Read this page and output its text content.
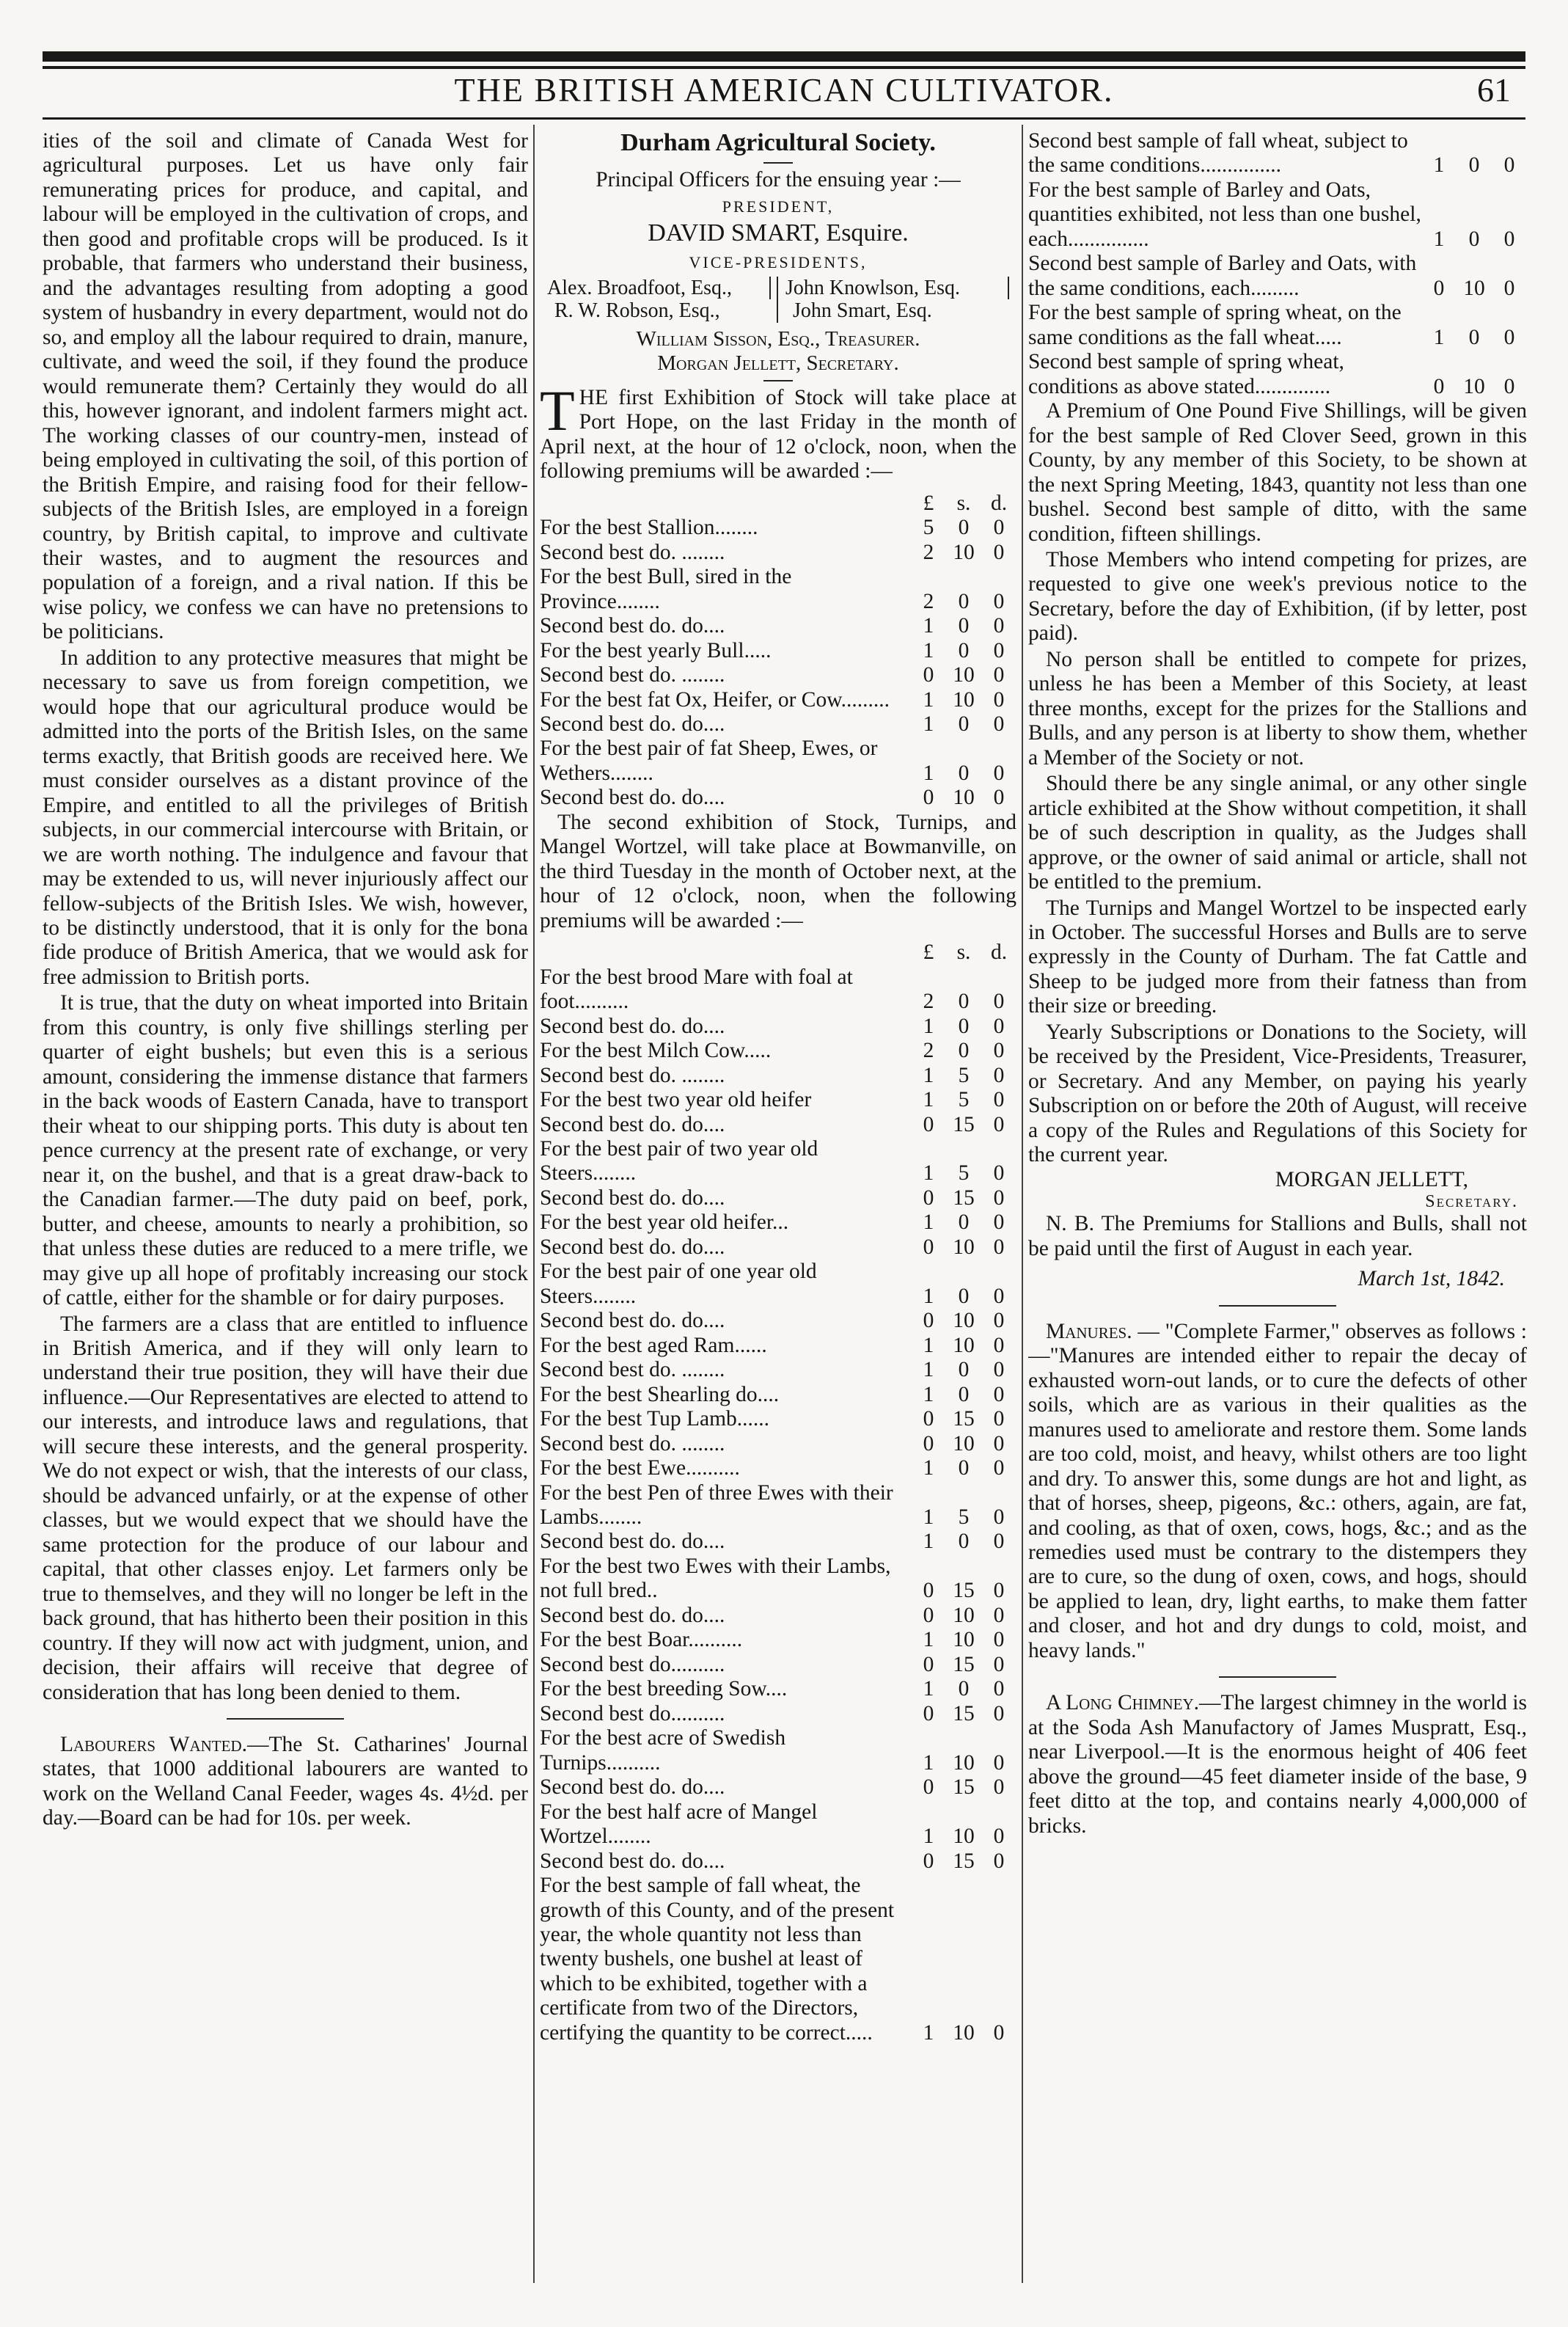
THE BRITISH AMERICAN CULTIVATOR.	61

ities of the soil and climate of Canada West for agricultural purposes. Let us have only fair remunerating prices for produce, and capital, and labour will be employed in the cultivation of crops, and then good and profitable crops will be produced. Is it probable, that farmers who understand their business, and the advantages resulting from adopting a good system of husbandry in every department, would not do so, and employ all the labour required to drain, manure, cultivate, and weed the soil, if they found the produce would remunerate them? Certainly they would do all this, however ignorant, and indolent farmers might act. The working classes of our country-men, instead of being employed in cultivating the soil, of this portion of the British Empire, and raising food for their fellow-subjects of the British Isles, are employed in a foreign country, by British capital, to improve and cultivate their wastes, and to augment the resources and population of a foreign, and a rival nation. If this be wise policy, we confess we can have no pretensions to be politicians.

In addition to any protective measures that might be necessary to save us from foreign competition, we would hope that our agricultural produce would be admitted into the ports of the British Isles, on the same terms exactly, that British goods are received here. We must consider ourselves as a distant province of the Empire, and entitled to all the privileges of British subjects, in our commercial intercourse with Britain, or we are worth nothing. The indulgence and favour that may be extended to us, will never injuriously affect our fellow-subjects of the British Isles. We wish, however, to be distinctly understood, that it is only for the bona fide produce of British America, that we would ask for free admission to British ports.

It is true, that the duty on wheat imported into Britain from this country, is only five shillings sterling per quarter of eight bushels; but even this is a serious amount, considering the immense distance that farmers in the back woods of Eastern Canada, have to transport their wheat to our shipping ports. This duty is about ten pence currency at the present rate of exchange, or very near it, on the bushel, and that is a great draw-back to the Canadian farmer.—The duty paid on beef, pork, butter, and cheese, amounts to nearly a prohibition, so that unless these duties are reduced to a mere trifle, we may give up all hope of profitably increasing our stock of cattle, either for the shamble or for dairy purposes.

The farmers are a class that are entitled to influence in British America, and if they will only learn to understand their true position, they will have their due influence.—Our Representatives are elected to attend to our interests, and introduce laws and regulations, that will secure these interests, and the general prosperity. We do not expect or wish, that the interests of our class, should be advanced unfairly, or at the expense of other classes, but we would expect that we should have the same protection for the produce of our labour and capital, that other classes enjoy. Let farmers only be true to themselves, and they will no longer be left in the back ground, that has hitherto been their position in this country. If they will now act with judgment, union, and decision, their affairs will receive that degree of consideration that has long been denied to them.

Labourers Wanted.—The St. Catharines' Journal states, that 1000 additional labourers are wanted to work on the Welland Canal Feeder, wages 4s. 4½d. per day.—Board can be had for 10s. per week.

Durham Agricultural Society.

Principal Officers for the ensuing year :—

PRESIDENT,
DAVID SMART, Esquire.
VICE-PRESIDENTS,
Alex. Broadfoot, Esq.,
R. W. Robson, Esq.,
John Knowlson, Esq.
John Smart, Esq.
William Sisson, Esq., Treasurer.
Morgan Jellett, Secretary.

THE first Exhibition of Stock will take place at Port Hope, on the last Friday in the month of April next, at the hour of 12 o'clock, noon, when the following premiums will be awarded :—

£	s. d.
For the best Stallion........	5	0	0
Second best do. ........	2 10 0
For the best Bull, sired in the Province........	2	0	0
Second best do. do....	1	0	0
For the best yearly Bull.....	1	0	0
Second best do. ........	0 10 0
For the best fat Ox, Heifer, or Cow.........	1 10 0
Second best do. do....	1	0	0
For the best pair of fat Sheep, Ewes, or Wethers........	1	0	0
Second best do. do....	0 10 0

The second exhibition of Stock, Turnips, and Mangel Wortzel, will take place at Bowmanville, on the third Tuesday in the month of October next, at the hour of 12 o'clock, noon, when the following premiums will be awarded :—

£	s. d.
For the best brood Mare with foal at foot..........	2	0	0
Second best do. do....	1	0	0
For the best Milch Cow.....	2	0	0
Second best do. ........	1	5	0
For the best two year old heifer	1	5	0
Second best do. do....	0 15 0
For the best pair of two year old Steers........	1	5	0
Second best do. do....	0 15 0
For the best year old heifer...	1	0	0
Second best do. do....	0 10 0
For the best pair of one year old Steers........	1	0	0
Second best do. do....	0 10 0
For the best aged Ram......	1 10 0
Second best do. ........	1	0	0
For the best Shearling do....	1	0	0
For the best Tup Lamb......	0 15 0
Second best do. ........	0 10 0
For the best Ewe..........	1	0	0
For the best Pen of three Ewes with their Lambs........	1	5	0
Second best do. do....	1	0	0
For the best two Ewes with their Lambs, not full bred..	0 15 0
Second best do. do....	0 10 0
For the best Boar..........	1 10 0
Second best do..........	0 15 0
For the best breeding Sow....	1	0	0
Second best do..........	0 15 0
For the best acre of Swedish Turnips..........	1 10 0
Second best do. do....	0 15 0
For the best half acre of Mangel Wortzel........	1 10 0
Second best do. do....	0 15 0
For the best sample of fall wheat, the growth of this County, and of the present year, the whole quantity not less than twenty bushels, one bushel at least of which to be exhibited, together with a certificate from two of the Directors, certifying the quantity to be correct.....	1 10 0
Second best sample of fall wheat, subject to the same conditions...............	1	0	0
For the best sample of Barley and Oats, quantities exhibited, not less than one bushel, each...............	1	0	0
Second best sample of Barley and Oats, with the same conditions, each.........	0 10 0
For the best sample of spring wheat, on the same conditions as the fall wheat.....	1	0	0
Second best sample of spring wheat, conditions as above stated..............	0 10 0

A Premium of One Pound Five Shillings, will be given for the best sample of Red Clover Seed, grown in this County, by any member of this Society, to be shown at the next Spring Meeting, 1843, quantity not less than one bushel. Second best sample of ditto, with the same condition, fifteen shillings.

Those Members who intend competing for prizes, are requested to give one week's previous notice to the Secretary, before the day of Exhibition, (if by letter, post paid).

No person shall be entitled to compete for prizes, unless he has been a Member of this Society, at least three months, except for the prizes for the Stallions and Bulls, and any person is at liberty to show them, whether a Member of the Society or not.

Should there be any single animal, or any other single article exhibited at the Show without competition, it shall be of such description in quality, as the Judges shall approve, or the owner of said animal or article, shall not be entitled to the premium.

The Turnips and Mangel Wortzel to be inspected early in October. The successful Horses and Bulls are to serve expressly in the County of Durham. The fat Cattle and Sheep to be judged more from their fatness than from their size or breeding.

Yearly Subscriptions or Donations to the Society, will be received by the President, Vice-Presidents, Treasurer, or Secretary. And any Member, on paying his yearly Subscription on or before the 20th of August, will receive a copy of the Rules and Regulations of this Society for the current year.

MORGAN JELLETT,
Secretary.

N. B. The Premiums for Stallions and Bulls, shall not be paid until the first of August in each year.

March 1st, 1842.

Manures. — "Complete Farmer," observes as follows :—"Manures are intended either to repair the decay of exhausted worn-out lands, or to cure the defects of other soils, which are as various in their qualities as the manures used to ameliorate and restore them. Some lands are too cold, moist, and heavy, whilst others are too light and dry. To answer this, some dungs are hot and light, as that of horses, sheep, pigeons, &c.: others, again, are fat, and cooling, as that of oxen, cows, hogs, &c.; and as the remedies used must be contrary to the distempers they are to cure, so the dung of oxen, cows, and hogs, should be applied to lean, dry, light earths, to make them fatter and closer, and hot and dry dungs to cold, moist, and heavy lands."

A Long Chimney.—The largest chimney in the world is at the Soda Ash Manufactory of James Muspratt, Esq., near Liverpool.—It is the enormous height of 406 feet above the ground—45 feet diameter inside of the base, 9 feet ditto at the top, and contains nearly 4,000,000 of bricks.
